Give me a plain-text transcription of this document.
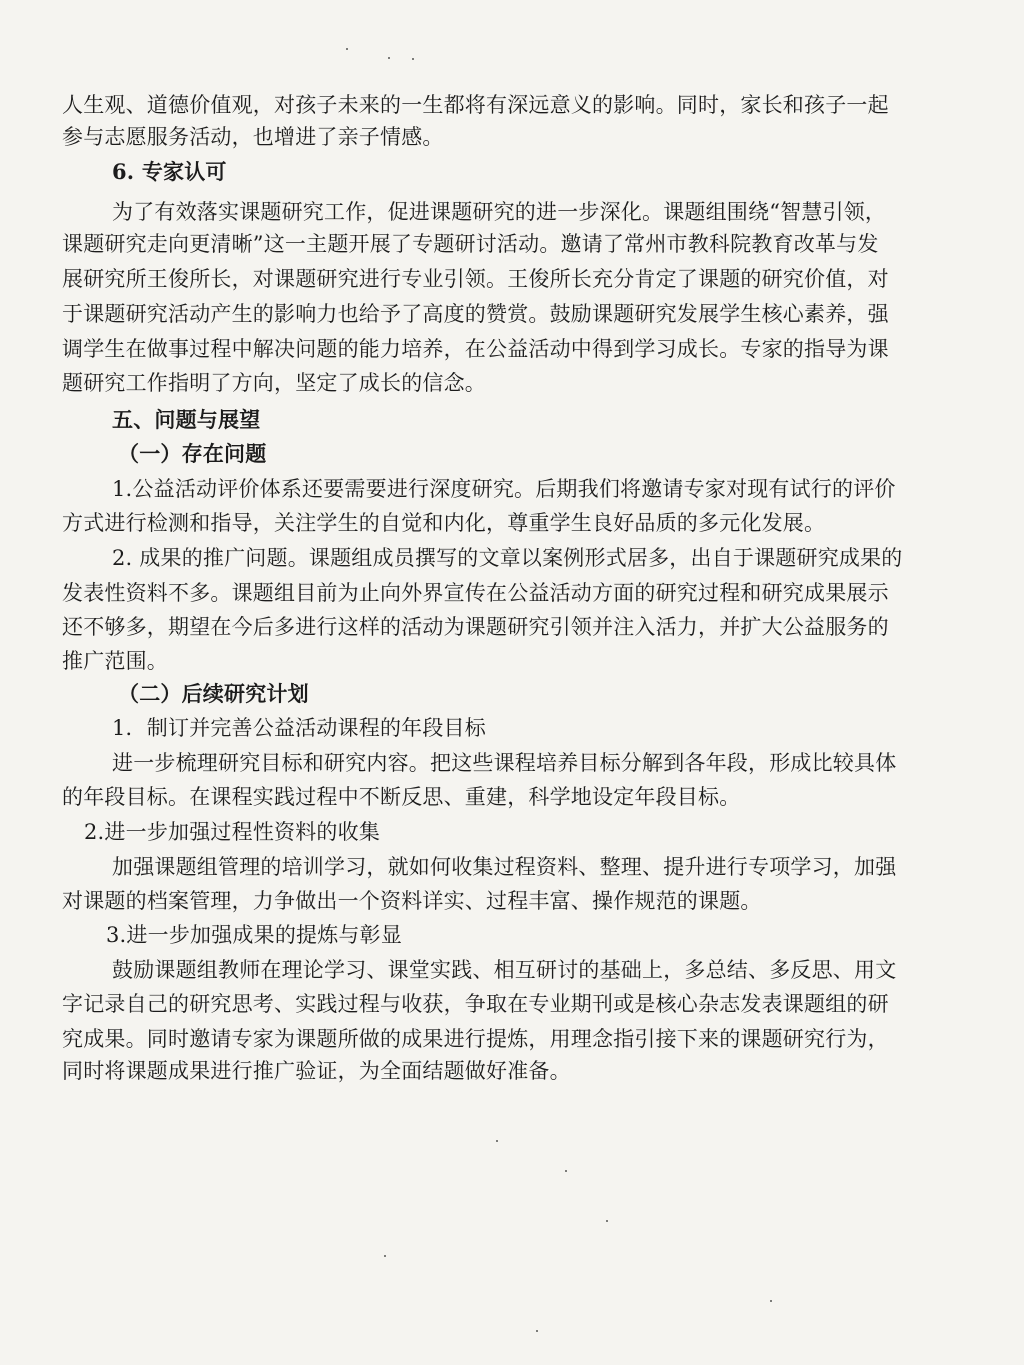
人生观、道德价值观，对孩子未来的一生都将有深远意义的影响。同时，家长和孩子一起
参与志愿服务活动，也增进了亲子情感。
6. 专家认可
为了有效落实课题研究工作，促进课题研究的进一步深化。课题组围绕“智慧引领，
课题研究走向更清晰”这一主题开展了专题研讨活动。邀请了常州市教科院教育改革与发
展研究所王俊所长，对课题研究进行专业引领。王俊所长充分肯定了课题的研究价值，对
于课题研究活动产生的影响力也给予了高度的赞赏。鼓励课题研究发展学生核心素养，强
调学生在做事过程中解决问题的能力培养，在公益活动中得到学习成长。专家的指导为课
题研究工作指明了方向，坚定了成长的信念。
五、问题与展望
（一）存在问题
1.公益活动评价体系还要需要进行深度研究。后期我们将邀请专家对现有试行的评价
方式进行检测和指导，关注学生的自觉和内化，尊重学生良好品质的多元化发展。
2. 成果的推广问题。课题组成员撰写的文章以案例形式居多，出自于课题研究成果的
发表性资料不多。课题组目前为止向外界宣传在公益活动方面的研究过程和研究成果展示
还不够多，期望在今后多进行这样的活动为课题研究引领并注入活力，并扩大公益服务的
推广范围。
（二）后续研究计划
1．制订并完善公益活动课程的年段目标
进一步梳理研究目标和研究内容。把这些课程培养目标分解到各年段，形成比较具体
的年段目标。在课程实践过程中不断反思、重建，科学地设定年段目标。
2.进一步加强过程性资料的收集
加强课题组管理的培训学习，就如何收集过程资料、整理、提升进行专项学习，加强
对课题的档案管理，力争做出一个资料详实、过程丰富、操作规范的课题。
3.进一步加强成果的提炼与彰显
鼓励课题组教师在理论学习、课堂实践、相互研讨的基础上，多总结、多反思、用文
字记录自己的研究思考、实践过程与收获，争取在专业期刊或是核心杂志发表课题组的研
究成果。同时邀请专家为课题所做的成果进行提炼，用理念指引接下来的课题研究行为，
同时将课题成果进行推广验证，为全面结题做好准备。
